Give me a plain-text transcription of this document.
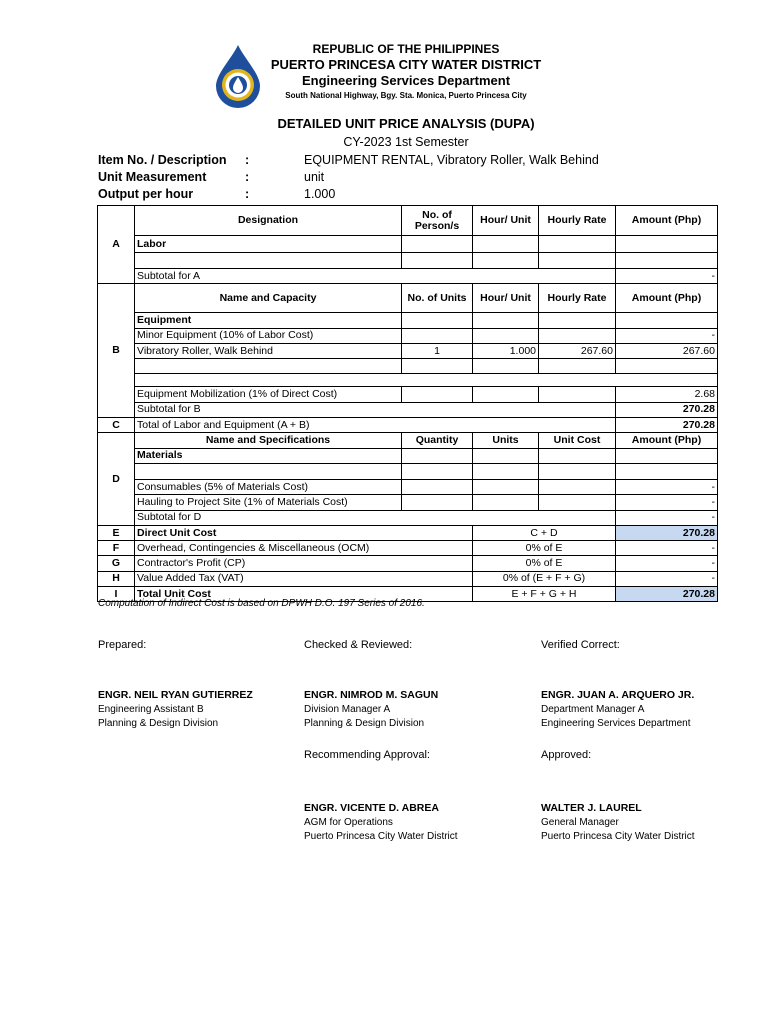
REPUBLIC OF THE PHILIPPINES
PUERTO PRINCESA CITY WATER DISTRICT
Engineering Services Department
South National Highway, Bgy. Sta. Monica, Puerto Princesa City
DETAILED UNIT PRICE ANALYSIS (DUPA)
CY-2023 1st Semester
Item No. / Description :	EQUIPMENT RENTAL, Vibratory Roller, Walk Behind
Unit Measurement	:	unit
Output per hour	:	1.000
A	Designation	No. of Person/s	Hour/ Unit	Hourly Rate	Amount (Php)
	Labor				

	Subtotal for A				-
B	Name and Capacity	No. of Units	Hour/ Unit	Hourly Rate	Amount (Php)
	Equipment				
	Minor Equipment (10% of Labor Cost)				-
	Vibratory Roller, Walk Behind	1	1.000	267.60	267.60

	Equipment Mobilization (1% of Direct Cost)				2.68
	Subtotal for B				270.28
C	Total of Labor and Equipment (A + B)				270.28
D	Name and Specifications	Quantity	Units	Unit Cost	Amount (Php)
	Materials				

	Consumables (5% of Materials Cost)				-
	Hauling to Project Site (1% of Materials Cost)				-
	Subtotal for D				-
E	Direct Unit Cost		C + D		270.28
F	Overhead, Contingencies & Miscellaneous (OCM)		0% of E		-
G	Contractor's Profit (CP)		0% of E		-
H	Value Added Tax (VAT)		0% of (E + F + G)		-
I	Total Unit Cost		E + F + G + H		270.28
Computation of Indirect Cost is based on DPWH D.O. 197 Series of 2016.
Prepared:	Checked & Reviewed:	Verified Correct:
ENGR. NEIL RYAN GUTIERREZ
Engineering Assistant B
Planning & Design Division
ENGR. NIMROD M. SAGUN
Division Manager A
Planning & Design Division
ENGR. JUAN A. ARQUERO JR.
Department Manager A
Engineering Services Department
Recommending Approval:	Approved:
ENGR. VICENTE D. ABREA
AGM for Operations
Puerto Princesa City Water District
WALTER J. LAUREL
General Manager
Puerto Princesa City Water District
